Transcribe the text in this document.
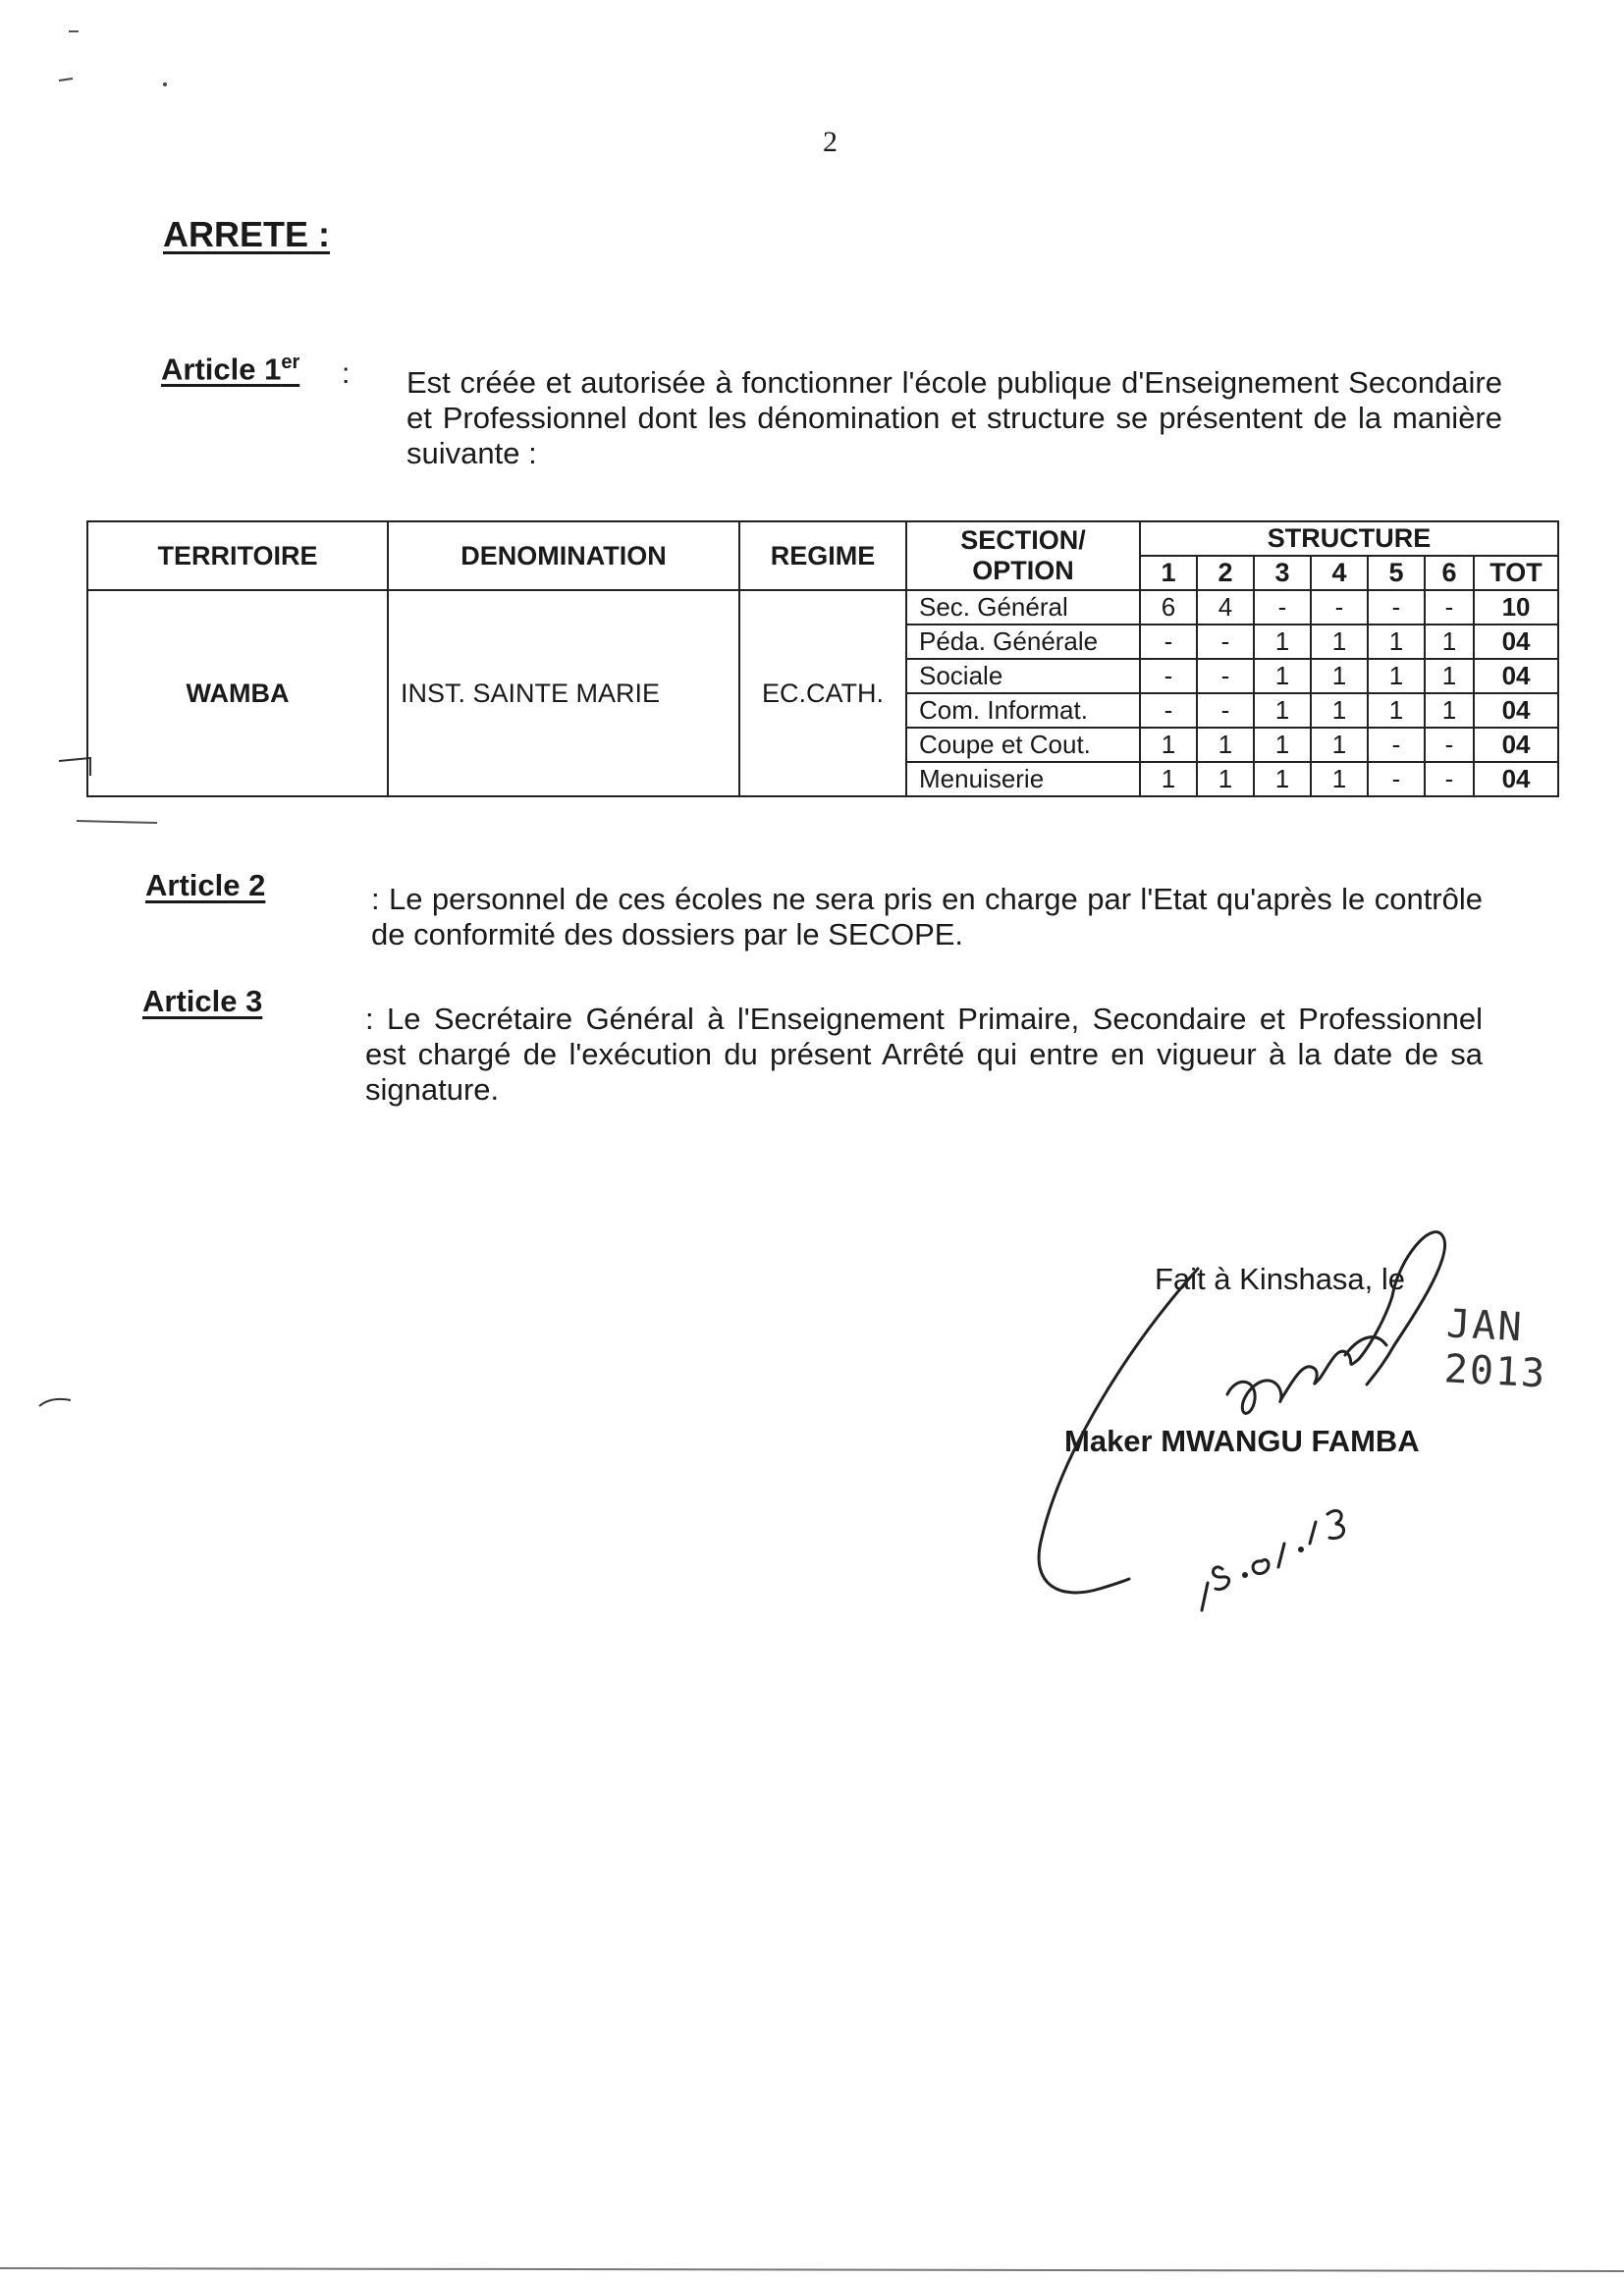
2
ARRETE :
Article 1er : Est créée et autorisée à fonctionner l'école publique d'Enseignement Secondaire et Professionnel dont les dénomination et structure se présentent de la manière suivante :
TERRITOIRE	DENOMINATION	REGIME	SECTION/
OPTION	STRUCTURE						
				1	2	3	4	5	6	TOT
WAMBA	INST. SAINTE MARIE	EC.CATH.	Sec. Général	6	4	-	-	-	-	10
			Péda. Générale	-	-	1	1	1	1	04
			Sociale	-	-	1	1	1	1	04
			Com. Informat.	-	-	1	1	1	1	04
			Coupe et Cout.	1	1	1	1	-	-	04
			Menuiserie	1	1	1	1	-	-	04
Article 2	: Le personnel de ces écoles ne sera pris en charge par l'Etat qu'après le contrôle de conformité des dossiers par le SECOPE.
Article 3
: Le Secrétaire Général à l'Enseignement Primaire, Secondaire et Professionnel est chargé de l'exécution du présent Arrêté qui entre en vigueur à la date de sa signature.
Fait à Kinshasa, le
JAN 2013
Maker MWANGU FAMBA
